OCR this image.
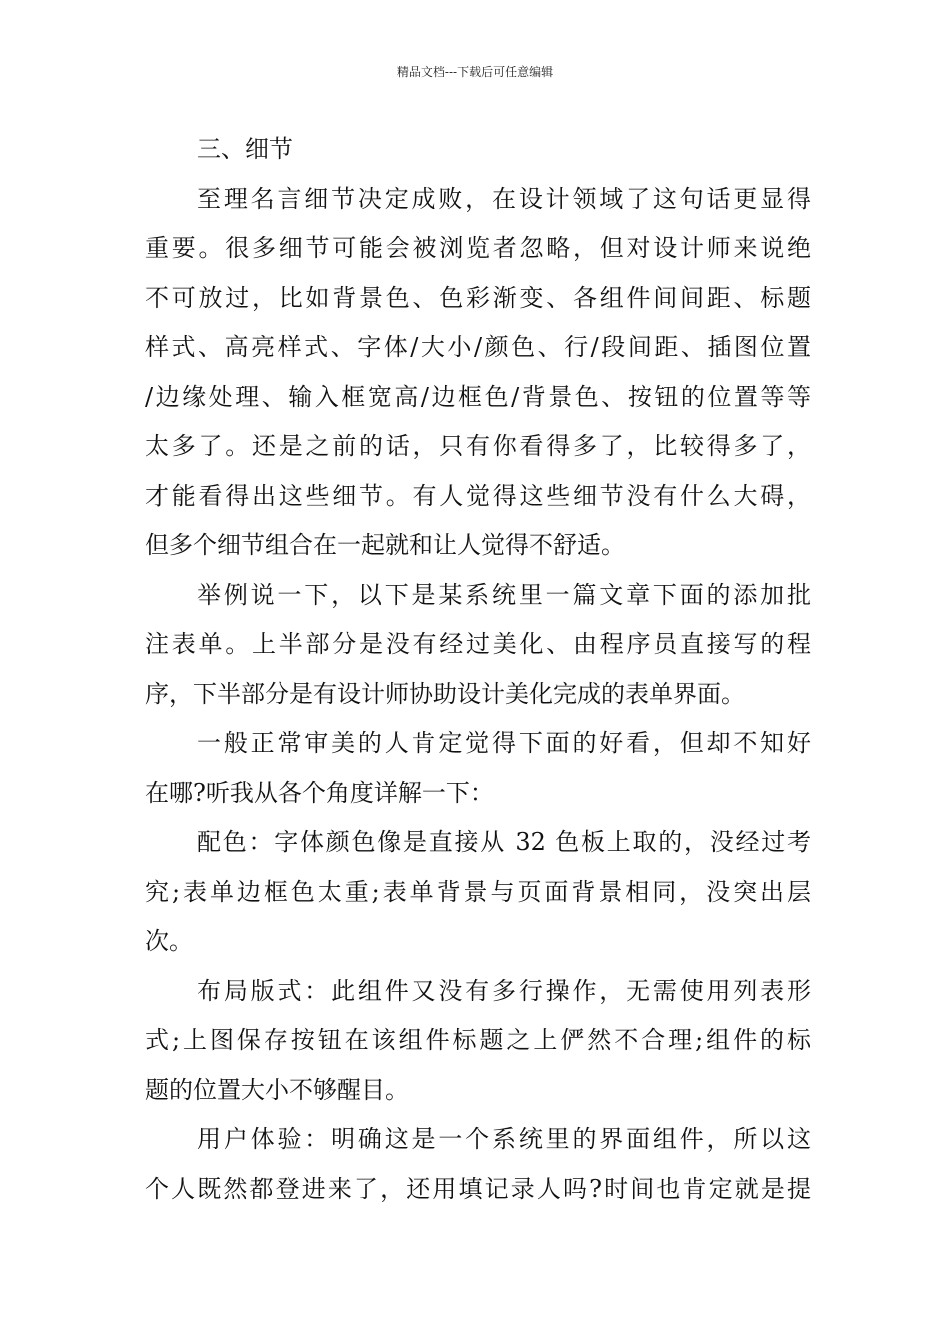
精品文档---下载后可任意编辑
三、细节
至理名言细节决定成败，在设计领域了这句话更显得
重要。很多细节可能会被浏览者忽略，但对设计师来说绝
不可放过，比如背景色、色彩渐变、各组件间间距、标题
样式、高亮样式、字体/大小/颜色、行/段间距、插图位置
/边缘处理、输入框宽高/边框色/背景色、按钮的位置等等
太多了。还是之前的话，只有你看得多了，比较得多了，
才能看得出这些细节。有人觉得这些细节没有什么大碍，
但多个细节组合在一起就和让人觉得不舒适。
举例说一下，以下是某系统里一篇文章下面的添加批
注表单。上半部分是没有经过美化、由程序员直接写的程
序，下半部分是有设计师协助设计美化完成的表单界面。
一般正常审美的人肯定觉得下面的好看，但却不知好
在哪?听我从各个角度详解一下：
配色：字体颜色像是直接从 32 色板上取的，没经过考
究;表单边框色太重;表单背景与页面背景相同，没突出层
次。
布局版式：此组件又没有多行操作，无需使用列表形
式;上图保存按钮在该组件标题之上俨然不合理;组件的标
题的位置大小不够醒目。
用户体验：明确这是一个系统里的界面组件，所以这
个人既然都登进来了，还用填记录人吗?时间也肯定就是提
